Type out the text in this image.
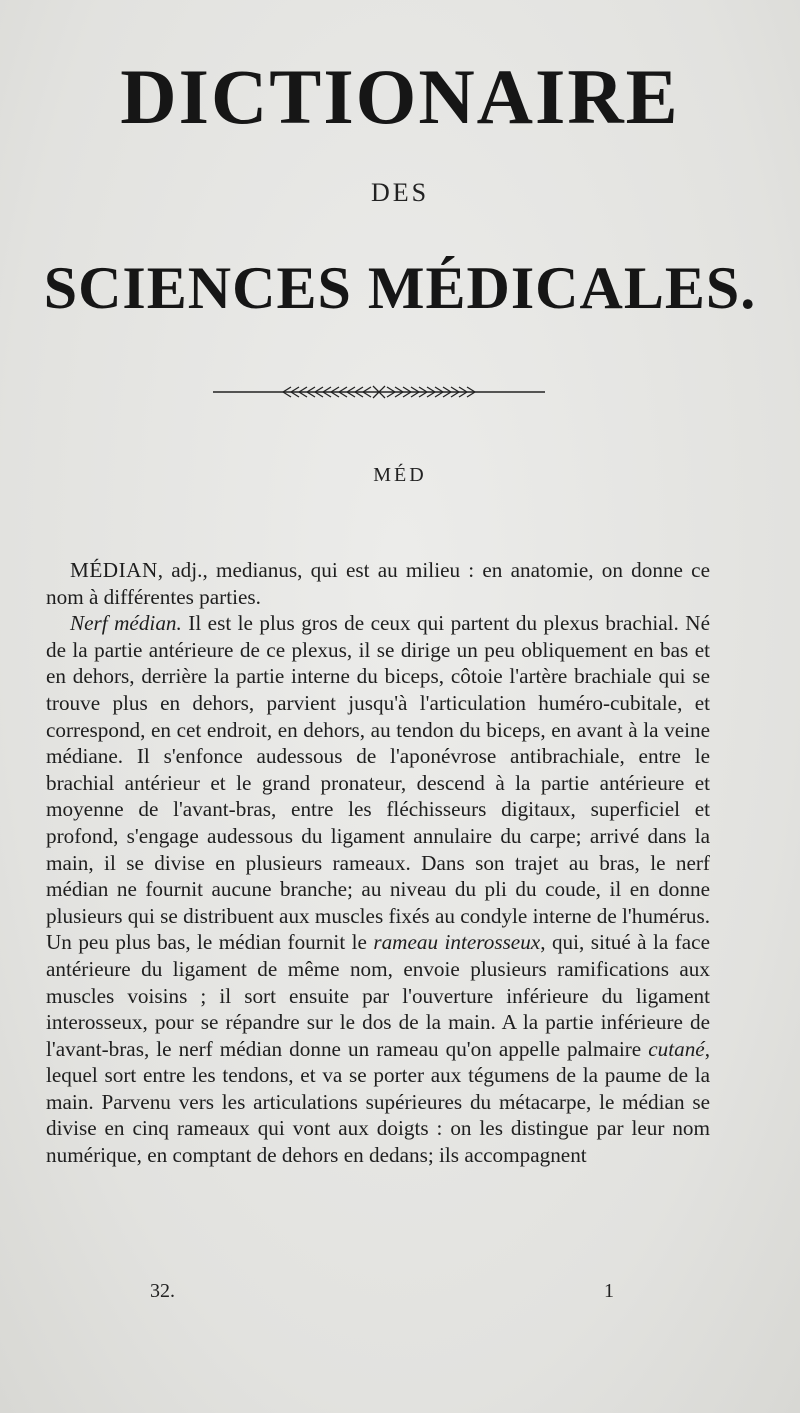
DICTIONAIRE
DES
SCIENCES MÉDICALES.
MÉD

MÉDIAN, adj., medianus, qui est au milieu : en anatomie, on donne ce nom à différentes parties.

Nerf médian. Il est le plus gros de ceux qui partent du plexus brachial. Né de la partie antérieure de ce plexus, il se dirige un peu obliquement en bas et en dehors, derrière la partie interne du biceps, côtoie l'artère brachiale qui se trouve plus en dehors, parvient jusqu'à l'articulation huméro-cubitale, et correspond, en cet endroit, en dehors, au tendon du biceps, en avant à la veine médiane. Il s'enfonce audessous de l'aponévrose antibrachiale, entre le brachial antérieur et le grand pronateur, descend à la partie antérieure et moyenne de l'avant-bras, entre les fléchisseurs digitaux, superficiel et profond, s'engage audessous du ligament annulaire du carpe; arrivé dans la main, il se divise en plusieurs rameaux. Dans son trajet au bras, le nerf médian ne fournit aucune branche; au niveau du pli du coude, il en donne plusieurs qui se distribuent aux muscles fixés au condyle interne de l'humérus. Un peu plus bas, le médian fournit le rameau interosseux, qui, situé à la face antérieure du ligament de même nom, envoie plusieurs ramifications aux muscles voisins ; il sort ensuite par l'ouverture inférieure du ligament interosseux, pour se répandre sur le dos de la main. A la partie inférieure de l'avant-bras, le nerf médian donne un rameau qu'on appelle palmaire cutané, lequel sort entre les tendons, et va se porter aux tégumens de la paume de la main. Parvenu vers les articulations supérieures du métacarpe, le médian se divise en cinq rameaux qui vont aux doigts : on les distingue par leur nom numérique, en comptant de dehors en dedans; ils accompagnent

32.	1
